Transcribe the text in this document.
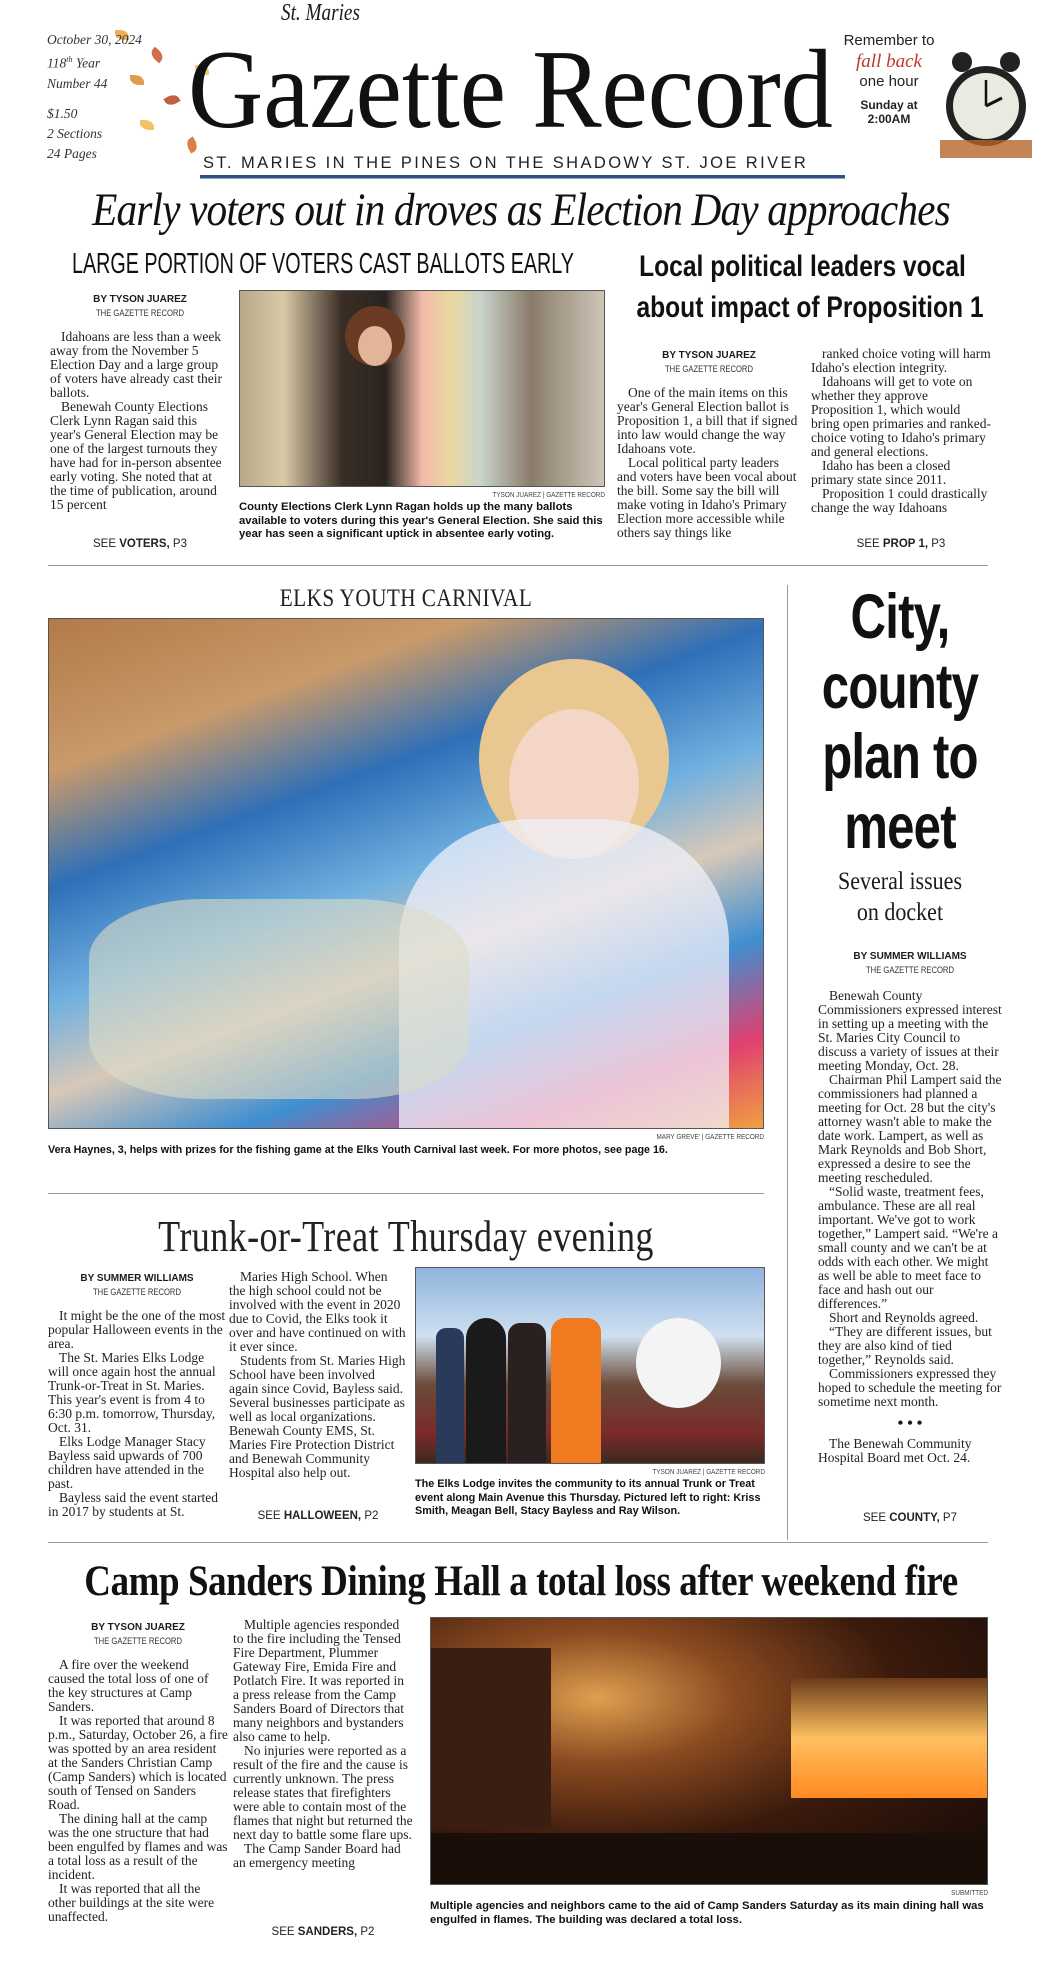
October 30, 2024
118th Year
Number 44
$1.50
2 Sections
24 Pages
St. Maries
Gazette Record
ST. MARIES IN THE PINES ON THE SHADOWY ST. JOE RIVER
Remember to
fall back
one hour
Sunday at
2:00AM
Early voters out in droves as Election Day approaches
LARGE PORTION OF VOTERS CAST BALLOTS EARLY
BY TYSON JUAREZ
THE GAZETTE RECORD

Idahoans are less than a week away from the November 5 Election Day and a large group of voters have already cast their ballots.

Benewah County Elections Clerk Lynn Ragan said this year's General Election may be one of the largest turnouts they have had for in-person absentee early voting. She noted that at the time of publication, around 15 percent

SEE VOTERS, P3
TYSON JUAREZ | GAZETTE RECORD
County Elections Clerk Lynn Ragan holds up the many ballots available to voters during this year's General Election. She said this year has seen a significant uptick in absentee early voting.
Local political leaders vocal
about impact of Proposition 1
BY TYSON JUAREZ
THE GAZETTE RECORD

One of the main items on this year's General Election ballot is Proposition 1, a bill that if signed into law would change the way Idahoans vote.

Local political party leaders and voters have been vocal about the bill. Some say the bill will make voting in Idaho's Primary Election more accessible while others say things like

ranked choice voting will harm Idaho's election integrity.

Idahoans will get to vote on whether they approve Proposition 1, which would bring open primaries and ranked-choice voting to Idaho's primary and general elections.

Idaho has been a closed primary state since 2011.

Proposition 1 could drastically change the way Idahoans

SEE PROP 1, P3
ELKS YOUTH CARNIVAL
MARY GREVE' | GAZETTE RECORD
Vera Haynes, 3, helps with prizes for the fishing game at the Elks Youth Carnival last week. For more photos, see page 16.
City,
county
plan to
meet
Several issues
on docket
BY SUMMER WILLIAMS
THE GAZETTE RECORD

Benewah County Commissioners expressed interest in setting up a meeting with the St. Maries City Council to discuss a variety of issues at their meeting Monday, Oct. 28.

Chairman Phil Lampert said the commissioners had planned a meeting for Oct. 28 but the city's attorney wasn't able to make the date work. Lampert, as well as Mark Reynolds and Bob Short, expressed a desire to see the meeting rescheduled.

“Solid waste, treatment fees, ambulance. These are all real important. We've got to work together,” Lampert said. “We're a small county and we can't be at odds with each other. We might as well be able to meet face to face and hash out our differences.”

Short and Reynolds agreed.

“They are different issues, but they are also kind of tied together,” Reynolds said.

Commissioners expressed they hoped to schedule the meeting for sometime next month.

• • •

The Benewah Community Hospital Board met Oct. 24.

SEE COUNTY, P7
Trunk-or-Treat Thursday evening
BY SUMMER WILLIAMS
THE GAZETTE RECORD

It might be the one of the most popular Halloween events in the area.

The St. Maries Elks Lodge will once again host the annual Trunk-or-Treat in St. Maries. This year's event is from 4 to 6:30 p.m. tomorrow, Thursday, Oct. 31.

Elks Lodge Manager Stacy Bayless said upwards of 700 children have attended in the past.

Bayless said the event started in 2017 by students at St.

Maries High School. When the high school could not be involved with the event in 2020 due to Covid, the Elks took it over and have continued on with it ever since.

Students from St. Maries High School have been involved again since Covid, Bayless said. Several businesses participate as well as local organizations. Benewah County EMS, St. Maries Fire Protection District and Benewah Community Hospital also help out.

SEE HALLOWEEN, P2
TYSON JUAREZ | GAZETTE RECORD
The Elks Lodge invites the community to its annual Trunk or Treat event along Main Avenue this Thursday. Pictured left to right: Kriss Smith, Meagan Bell, Stacy Bayless and Ray Wilson.
Camp Sanders Dining Hall a total loss after weekend fire
BY TYSON JUAREZ
THE GAZETTE RECORD

A fire over the weekend caused the total loss of one of the key structures at Camp Sanders.

It was reported that around 8 p.m., Saturday, October 26, a fire was spotted by an area resident at the Sanders Christian Camp (Camp Sanders) which is located south of Tensed on Sanders Road.

The dining hall at the camp was the one structure that had been engulfed by flames and was a total loss as a result of the incident.

It was reported that all the other buildings at the site were unaffected.

Multiple agencies responded to the fire including the Tensed Fire Department, Plummer Gateway Fire, Emida Fire and Potlatch Fire. It was reported in a press release from the Camp Sanders Board of Directors that many neighbors and bystanders also came to help.

No injuries were reported as a result of the fire and the cause is currently unknown. The press release states that firefighters were able to contain most of the flames that night but returned the next day to battle some flare ups.

The Camp Sander Board had an emergency meeting

SEE SANDERS, P2
SUBMITTED
Multiple agencies and neighbors came to the aid of Camp Sanders Saturday as its main dining hall was engulfed in flames. The building was declared a total loss.
